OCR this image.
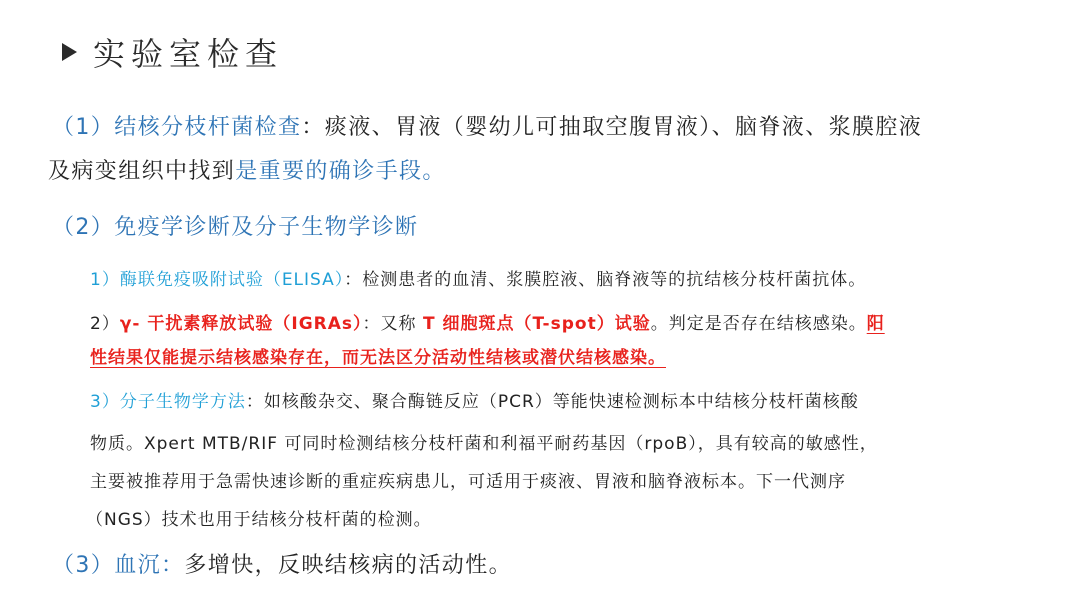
实验室检查
（1）结核分枝杆菌检查：痰液、胃液（婴幼儿可抽取空腹胃液）、脑脊液、浆膜腔液
及病变组织中找到是重要的确诊手段。
（2）免疫学诊断及分子生物学诊断
1）酶联免疫吸附试验（ELISA）：检测患者的血清、浆膜腔液、脑脊液等的抗结核分枝杆菌抗体。
2）γ- 干扰素释放试验（IGRAs）：又称 T 细胞斑点（T-spot）试验。判定是否存在结核感染。阳
性结果仅能提示结核感染存在，而无法区分活动性结核或潜伏结核感染。
3）分子生物学方法：如核酸杂交、聚合酶链反应（PCR）等能快速检测标本中结核分枝杆菌核酸
物质。Xpert MTB/RIF 可同时检测结核分枝杆菌和利福平耐药基因（rpoB），具有较高的敏感性，
主要被推荐用于急需快速诊断的重症疾病患儿，可适用于痰液、胃液和脑脊液标本。下一代测序
（NGS）技术也用于结核分枝杆菌的检测。
（3）血沉：多增快，反映结核病的活动性。
